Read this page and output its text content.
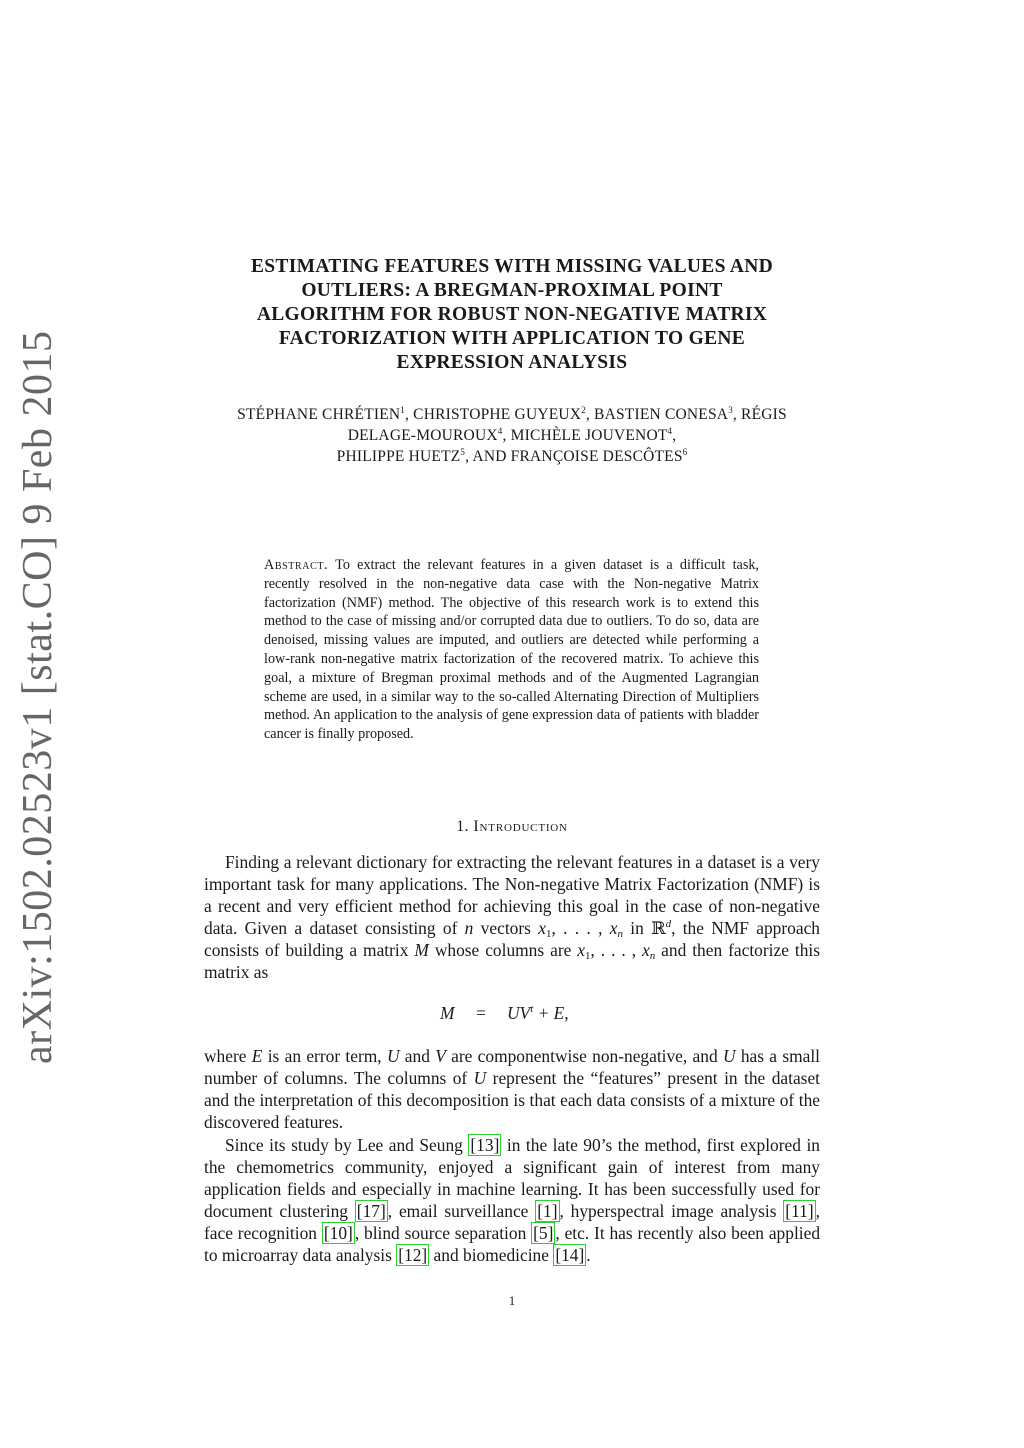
arXiv:1502.02523v1 [stat.CO] 9 Feb 2015
ESTIMATING FEATURES WITH MISSING VALUES AND
OUTLIERS: A BREGMAN-PROXIMAL POINT
ALGORITHM FOR ROBUST NON-NEGATIVE MATRIX
FACTORIZATION WITH APPLICATION TO GENE
EXPRESSION ANALYSIS
STÉPHANE CHRÉTIEN$^1$, CHRISTOPHE GUYEUX$^2$, BASTIEN CONESA$^3$, RÉGIS
DELAGE-MOUROUX$^4$, MICHÈLE JOUVENOT$^4$,
PHILIPPE HUETZ$^5$, AND FRANÇOISE DESCÔTES$^6$
Abstract. To extract the relevant features in a given dataset is a difficult task, recently resolved in the non-negative data case with the Non-negative Matrix factorization (NMF) method. The objective of this research work is to extend this method to the case of missing and/or corrupted data due to outliers. To do so, data are denoised, missing values are imputed, and outliers are detected while performing a low-rank non-negative matrix factorization of the recovered matrix. To achieve this goal, a mixture of Bregman proximal methods and of the Augmented Lagrangian scheme are used, in a similar way to the so-called Alternating Direction of Multipliers method. An application to the analysis of gene expression data of patients with bladder cancer is finally proposed.
1. Introduction

Finding a relevant dictionary for extracting the relevant features in a dataset is a very important task for many applications. The Non-negative Matrix Factorization (NMF) is a recent and very efficient method for achieving this goal in the case of non-negative data. Given a dataset consisting of n vectors $x_1$, . . . , $x_n$ in ℝ$^d$, the NMF approach consists of building a matrix M whose columns are $x_1$, . . . , $x_n$ and then factorize this matrix as

$M = UV^t + E$,

where E is an error term, U and V are componentwise non-negative, and U has a small number of columns. The columns of U represent the “features” present in the dataset and the interpretation of this decomposition is that each data consists of a mixture of the discovered features.

Since its study by Lee and Seung [13] in the late 90’s the method, first explored in the chemometrics community, enjoyed a significant gain of interest from many application fields and especially in machine learning. It has been successfully used for document clustering [17] , email surveillance [1] , hyperspectral image analysis [11] , face recognition [10] , blind source separation [5] , etc. It has recently also been applied to microarray data analysis [12] and biomedicine [14] .

1
